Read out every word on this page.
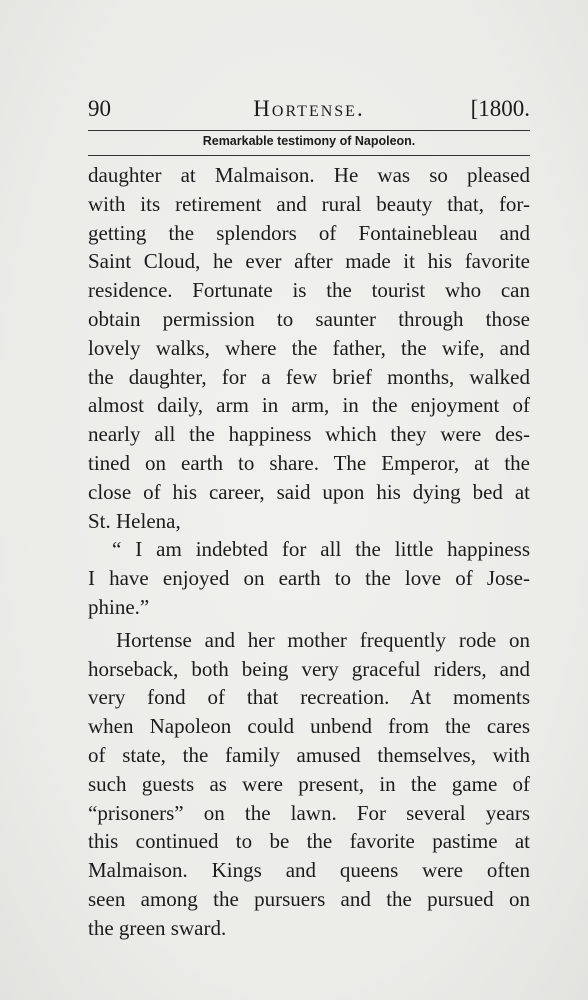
90	Hortense.	[1800.
Remarkable testimony of Napoleon.
daughter at Malmaison. He was so pleased
with its retirement and rural beauty that, for-
getting the splendors of Fontainebleau and
Saint Cloud, he ever after made it his favorite
residence. Fortunate is the tourist who can
obtain permission to saunter through those
lovely walks, where the father, the wife, and
the daughter, for a few brief months, walked
almost daily, arm in arm, in the enjoyment of
nearly all the happiness which they were des-
tined on earth to share. The Emperor, at the
close of his career, said upon his dying bed at
St. Helena,
“ I am indebted for all the little happiness
I have enjoyed on earth to the love of Jose-
phine.”
Hortense and her mother frequently rode on
horseback, both being very graceful riders, and
very fond of that recreation. At moments
when Napoleon could unbend from the cares
of state, the family amused themselves, with
such guests as were present, in the game of
“prisoners” on the lawn. For several years
this continued to be the favorite pastime at
Malmaison. Kings and queens were often
seen among the pursuers and the pursued on
the green sward.
